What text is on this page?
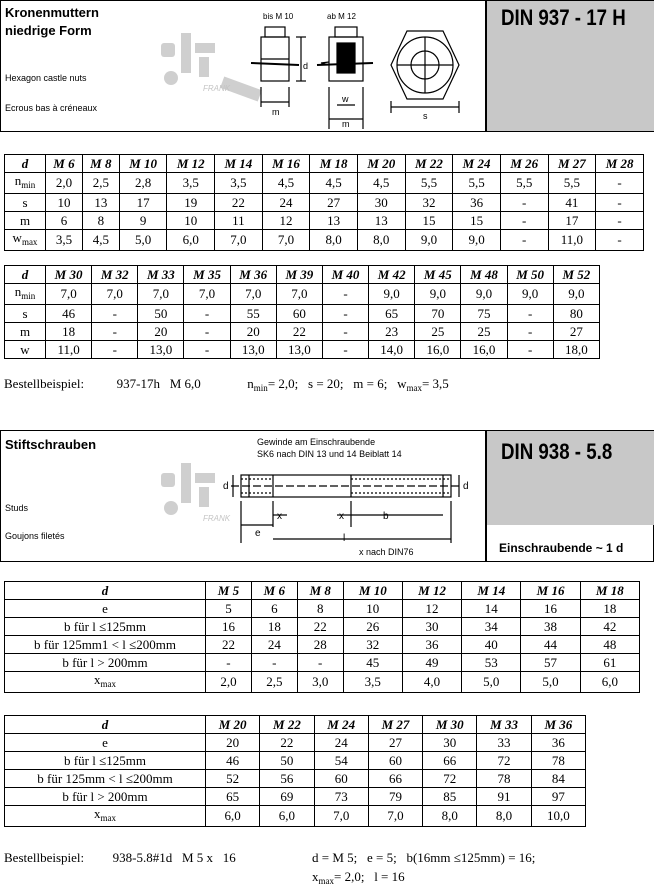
Kronenmuttern
niedrige Form
Hexagon castle nuts
Ecrous bas à créneaux
FRANK
bis M 10	ab M 12
d
m
w
m
s
DIN 937 - 17 H
d	M 6	M 8	M 10	M 12	M 14	M 16	M 18	M 20	M 22	M 24	M 26	M 27	M 28
$n_{min}$	2,0	2,5	2,8	3,5	3,5	4,5	4,5	4,5	5,5	5,5	5,5	5,5	-
s	10	13	17	19	22	24	27	30	32	36	-	41	-
m	6	8	9	10	11	12	13	13	15	15	-	17	-
$w_{max}$	3,5	4,5	5,0	6,0	7,0	7,0	8,0	8,0	9,0	9,0	-	11,0	-
d	M 30	M 32	M 33	M 35	M 36	M 39	M 40	M 42	M 45	M 48	M 50	M 52
$n_{min}$	7,0	7,0	7,0	7,0	7,0	7,0	-	9,0	9,0	9,0	9,0	9,0
s	46	-	50	-	55	60	-	65	70	75	-	80
m	18	-	20	-	20	22	-	23	25	25	-	27
w	11,0	-	13,0	-	13,0	13,0	-	14,0	16,0	16,0	-	18,0
Bestellbeispiel:	937-17h   M 6,0	$n_{min}= 2,0$;   s = 20;   m = 6;   $w_{max}= 3,5$
Stiftschrauben
Studs
Goujons filetés
FRANK
Gewinde am Einschraubende
SK6 nach DIN 13 und 14 Beiblatt 14
d	d
x	x
e
b
l
x nach DIN76
DIN 938 - 5.8
Einschraubende ~ 1 d
d	M 5	M 6	M 8	M 10	M 12	M 14	M 16	M 18
e	5	6	8	10	12	14	16	18
b für l ≤125mm	16	18	22	26	30	34	38	42
b für 125mm1 < l ≤200mm	22	24	28	32	36	40	44	48
b für l > 200mm	-	-	-	45	49	53	57	61
$x_{max}$	2,0	2,5	3,0	3,5	4,0	5,0	5,0	6,0
d	M 20	M 22	M 24	M 27	M 30	M 33	M 36
e	20	22	24	27	30	33	36
b für l ≤125mm	46	50	54	60	66	72	78
b für 125mm < l ≤200mm	52	56	60	66	72	78	84
b für l > 200mm	65	69	73	79	85	91	97
$x_{max}$	6,0	6,0	7,0	7,0	8,0	8,0	10,0
Bestellbeispiel: 938-5.8#1d   M 5 x   16	d = M 5;   e = 5;   b(16mm ≤125mm) = 16;
$x_{max}= 2,0$;   l = 16
